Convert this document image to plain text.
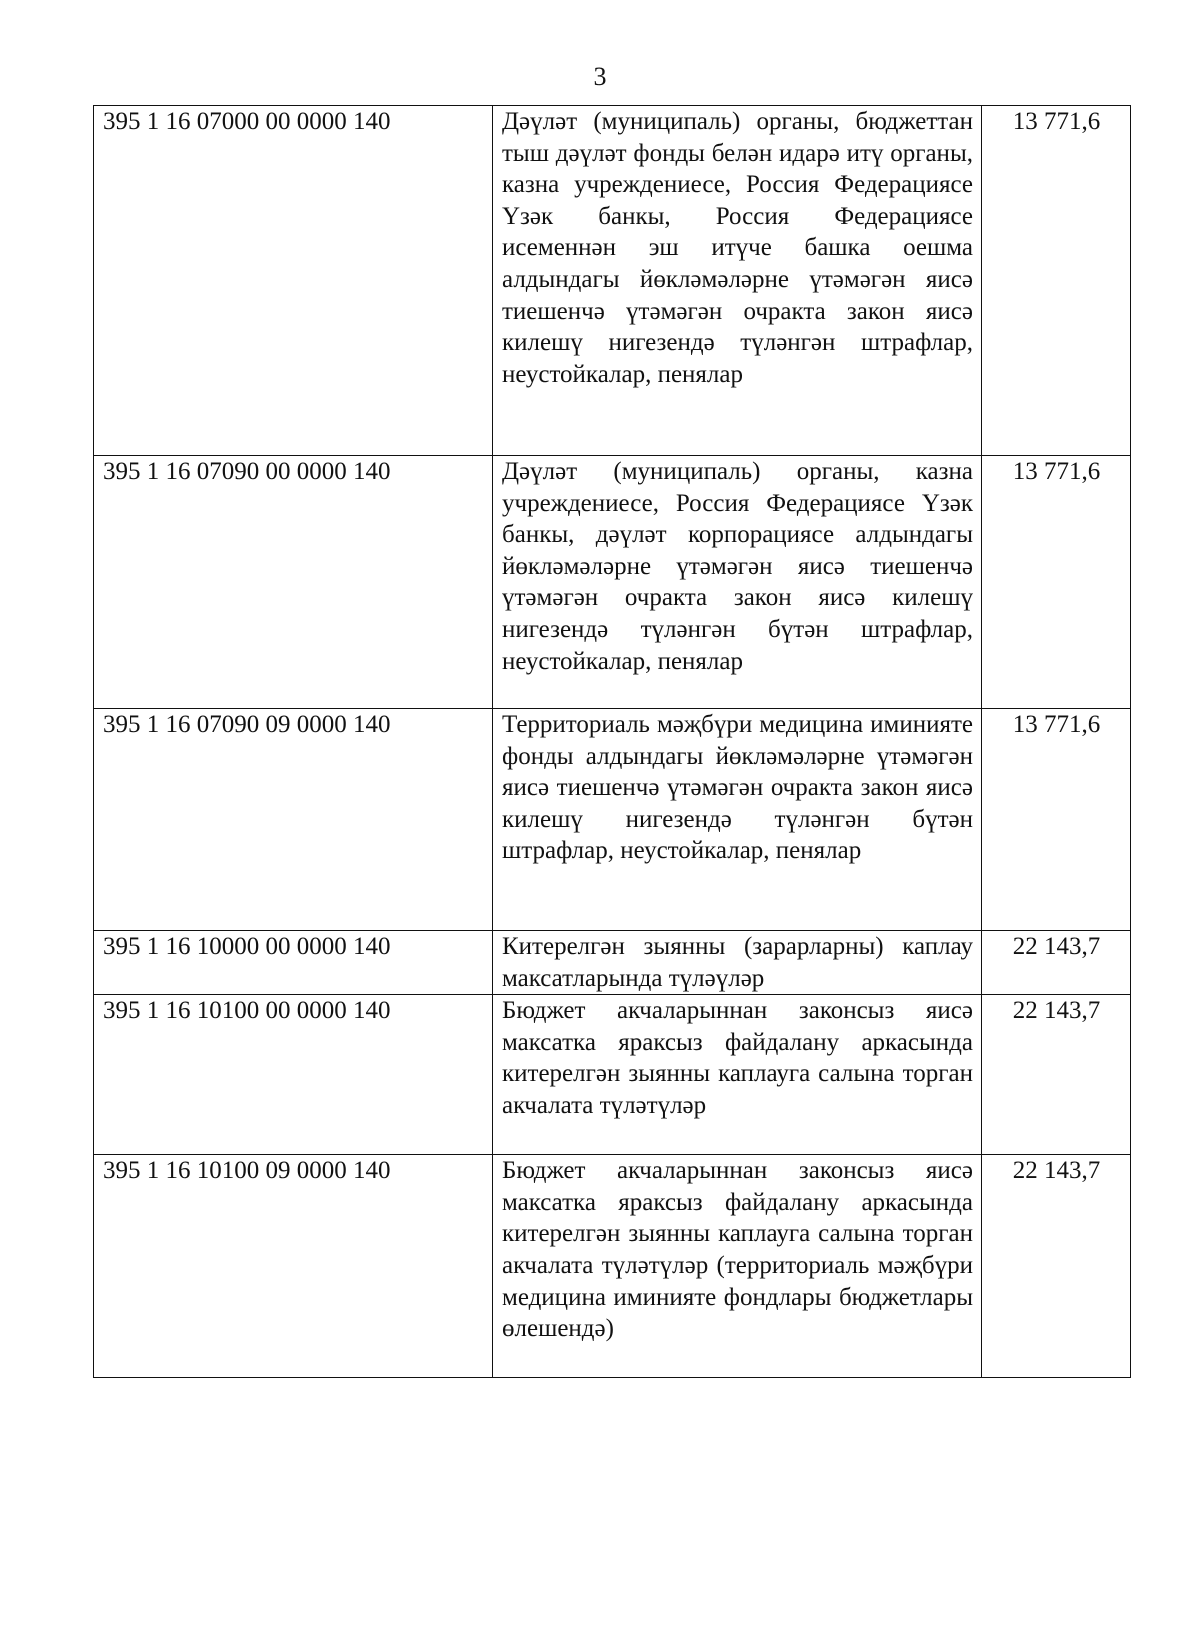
3
395 1 16 07000 00 0000 140	Дәүләт (муниципаль) органы, бюджеттан тыш дәүләт фонды белән идарә итү органы, казна учреждениесе, Россия Федерациясе Үзәк банкы, Россия Федерациясе исеменнән эш итүче башка оешма алдындагы йөкләмәләрне үтәмәгән яисә тиешенчә үтәмәгән очракта закон яисә килешү нигезендә түләнгән штрафлар, неустойкалар, пенялар	13 771,6
395 1 16 07090 00 0000 140	Дәүләт (муниципаль) органы, казна учреждениесе, Россия Федерациясе Үзәк банкы, дәүләт корпорациясе алдындагы йөкләмәләрне үтәмәгән яисә тиешенчә үтәмәгән очракта закон яисә килешү нигезендә түләнгән бүтән штрафлар, неустойкалар, пенялар	13 771,6
395 1 16 07090 09 0000 140	Территориаль мәҗбүри медицина иминияте фонды алдындагы йөкләмәләрне үтәмәгән яисә тиешенчә үтәмәгән очракта закон яисә килешү нигезендә түләнгән бүтән штрафлар, неустойкалар, пенялар	13 771,6
395 1 16 10000 00 0000 140	Китерелгән зыянны (зарарларны) каплау максатларында түләүләр	22 143,7
395 1 16 10100 00 0000 140	Бюджет акчаларыннан законсыз яисә максатка яраксыз файдалану аркасында китерелгән зыянны каплауга салына торган акчалата түләтүләр	22 143,7
395 1 16 10100 09 0000 140	Бюджет акчаларыннан законсыз яисә максатка яраксыз файдалану аркасында китерелгән зыянны каплауга салына торган акчалата түләтүләр (территориаль мәҗбүри медицина иминияте фондлары бюджетлары өлешендә)	22 143,7
